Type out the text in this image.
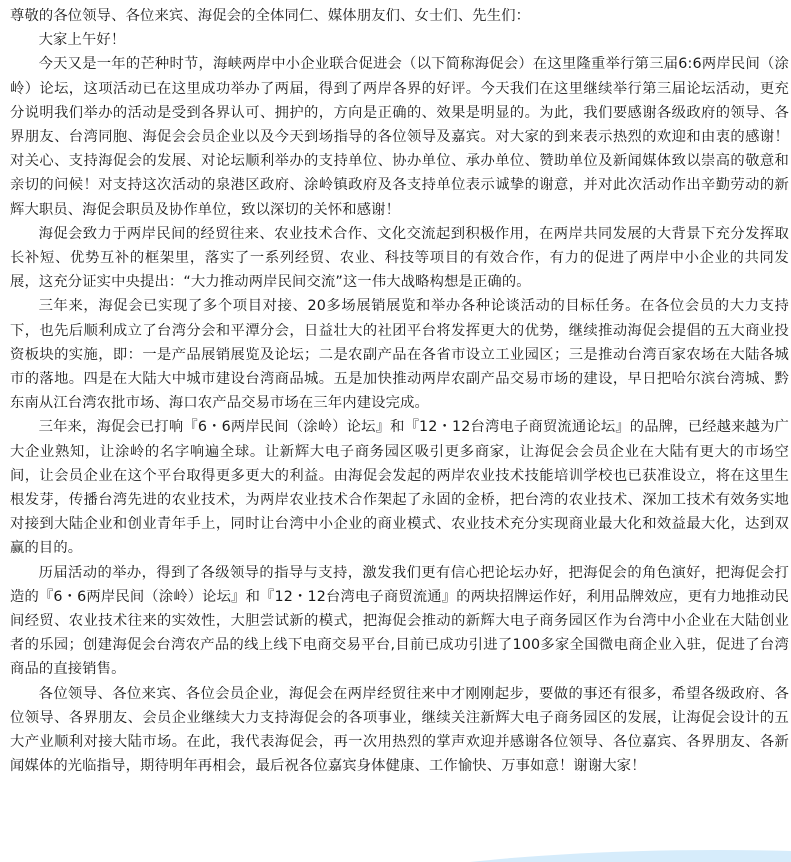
尊敬的各位领导、各位来宾、海促会的全体同仁、媒体朋友们、女士们、先生们：

大家上午好！

今天又是一年的芒种时节，海峡两岸中小企业联合促进会（以下简称海促会）在这里隆重举行第三届6:6两岸民间（涂岭）论坛，这项活动已在这里成功举办了两届，得到了两岸各界的好评。今天我们在这里继续举行第三届论坛活动，更充分说明我们举办的活动是受到各界认可、拥护的，方向是正确的、效果是明显的。为此，我们要感谢各级政府的领导、各界朋友、台湾同胞、海促会会员企业以及今天到场指导的各位领导及嘉宾。对大家的到来表示热烈的欢迎和由衷的感谢！对关心、支持海促会的发展、对论坛顺利举办的支持单位、协办单位、承办单位、赞助单位及新闻媒体致以崇高的敬意和亲切的问候！对支持这次活动的泉港区政府、涂岭镇政府及各支持单位表示诚挚的谢意，并对此次活动作出辛勤劳动的新辉大职员、海促会职员及协作单位，致以深切的关怀和感谢！

海促会致力于两岸民间的经贸往来、农业技术合作、文化交流起到积极作用，在两岸共同发展的大背景下充分发挥取长补短、优势互补的框架里，落实了一系列经贸、农业、科技等项目的有效合作，有力的促进了两岸中小企业的共同发展，这充分证实中央提出：“大力推动两岸民间交流”这一伟大战略构想是正确的。

三年来，海促会已实现了多个项目对接、20多场展销展览和举办各种论谈活动的目标任务。在各位会员的大力支持下，也先后顺利成立了台湾分会和平潭分会，日益壮大的社团平台将发挥更大的优势，继续推动海促会提倡的五大商业投资板块的实施，即：一是产品展销展览及论坛；二是农副产品在各省市设立工业园区；三是推动台湾百家农场在大陆各城市的落地。四是在大陆大中城市建设台湾商品城。五是加快推动两岸农副产品交易市场的建设，早日把哈尔滨台湾城、黔东南从江台湾农批市场、海口农产品交易市场在三年内建设完成。

三年来，海促会已打响『6・6两岸民间（涂岭）论坛』和『12・12台湾电子商贸流通论坛』的品牌，已经越来越为广大企业熟知，让涂岭的名字响遍全球。让新辉大电子商务园区吸引更多商家，让海促会会员企业在大陆有更大的市场空间，让会员企业在这个平台取得更多更大的利益。由海促会发起的两岸农业技术技能培训学校也已获准设立，将在这里生根发芽，传播台湾先进的农业技术，为两岸农业技术合作架起了永固的金桥，把台湾的农业技术、深加工技术有效务实地对接到大陆企业和创业青年手上，同时让台湾中小企业的商业模式、农业技术充分实现商业最大化和效益最大化，达到双赢的目的。

历届活动的举办，得到了各级领导的指导与支持，激发我们更有信心把论坛办好，把海促会的角色演好，把海促会打造的『6・6两岸民间（涂岭）论坛』和『12・12台湾电子商贸流通』的两块招牌运作好，利用品牌效应，更有力地推动民间经贸、农业技术往来的实效性，大胆尝试新的模式，把海促会推动的新辉大电子商务园区作为台湾中小企业在大陆创业者的乐园；创建海促会台湾农产品的线上线下电商交易平台,目前已成功引进了100多家全国微电商企业入驻，促进了台湾商品的直接销售。

各位领导、各位来宾、各位会员企业，海促会在两岸经贸往来中才刚刚起步，要做的事还有很多，希望各级政府、各位领导、各界朋友、会员企业继续大力支持海促会的各项事业，继续关注新辉大电子商务园区的发展，让海促会设计的五大产业顺利对接大陆市场。在此，我代表海促会，再一次用热烈的掌声欢迎并感谢各位领导、各位嘉宾、各界朋友、各新闻媒体的光临指导，期待明年再相会，最后祝各位嘉宾身体健康、工作愉快、万事如意！谢谢大家！
